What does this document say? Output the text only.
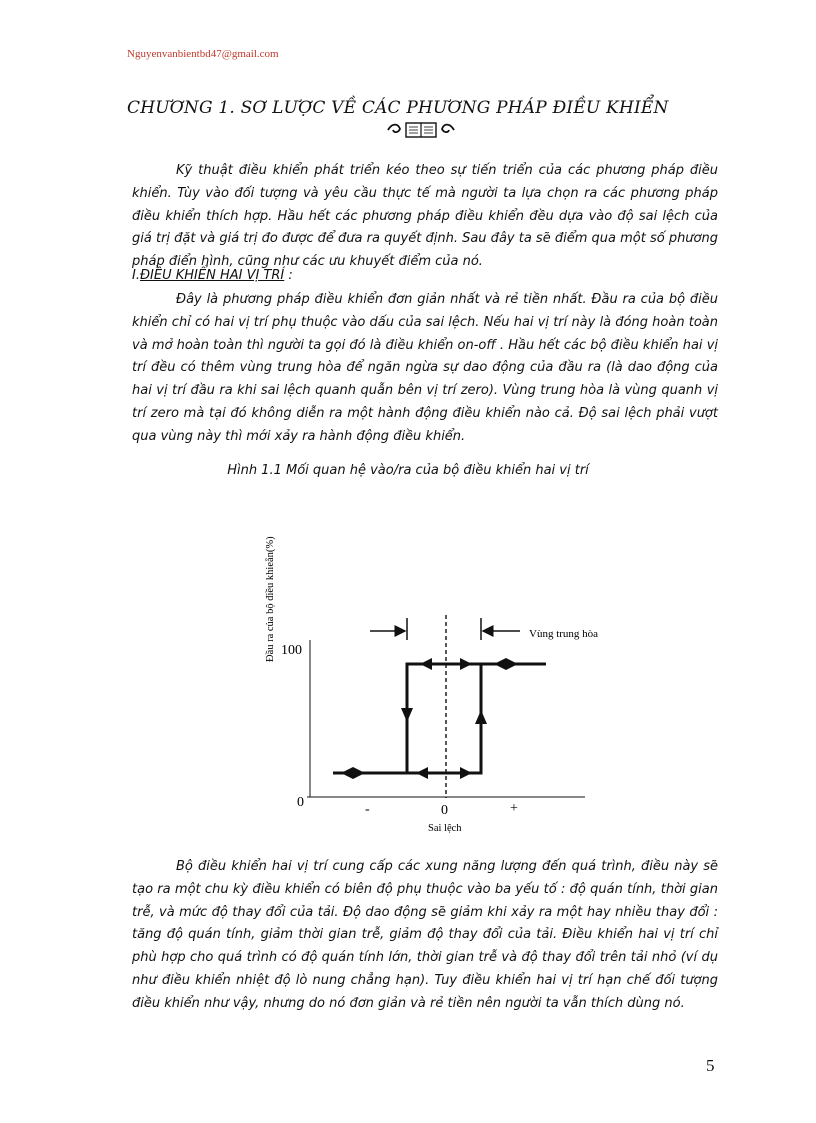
Nguyenvanbientbd47@gmail.com
CHƯƠNG 1. SƠ LƯỢC VỀ CÁC PHƯƠNG PHÁP ĐIỀU KHIỂN
Kỹ thuật điều khiển phát triển kéo theo sự tiến triển của các phương pháp điều khiển. Tùy vào đối tượng và yêu cầu thực tế mà người ta lựa chọn ra các phương pháp điều khiển thích hợp. Hầu hết các phương pháp điều khiển đều dựa vào độ sai lệch của giá trị đặt và giá trị đo được để đưa ra quyết định. Sau đây ta sẽ điểm qua một số phương pháp điển hình, cũng như các ưu khuyết điểm của nó.
I.ĐIỀU KHIỂN HAI VỊ TRÍ :
Đây là phương pháp điều khiển đơn giản nhất và rẻ tiền nhất. Đầu ra của bộ điều khiển chỉ có hai vị trí phụ thuộc vào dấu của sai lệch. Nếu hai vị trí này là đóng hoàn toàn và mở hoàn toàn thì người ta gọi đó là điều khiển on-off . Hầu hết các bộ điều khiển hai vị trí đều có thêm vùng trung hòa để ngăn ngừa sự dao động của đầu ra (là dao động của hai vị trí đầu ra khi sai lệch quanh quẫn bên vị trí zero). Vùng trung hòa là vùng quanh vị trí zero mà tại đó không diễn ra một hành động điều khiển nào cả. Độ sai lệch phải vượt qua vùng này thì mới xảy ra hành động điều khiển.
Hình 1.1 Mối quan hệ vào/ra của bộ điều khiển hai vị trí
Đầu ra của bộ điều khieån(%) 100
0
Vùng trung hòa
-	0	+
Sai lệch
Bộ điều khiển hai vị trí cung cấp các xung năng lượng đến quá trình, điều này sẽ tạo ra một chu kỳ điều khiển có biên độ phụ thuộc vào ba yếu tố : độ quán tính, thời gian trễ, và mức độ thay đổi của tải. Độ dao động sẽ giảm khi xảy ra một hay nhiều thay đổi : tăng độ quán tính, giảm thời gian trễ, giảm độ thay đổi của tải. Điều khiển hai vị trí chỉ phù hợp cho quá trình có độ quán tính lớn, thời gian trễ và độ thay đổi trên tải nhỏ (ví dụ như điều khiển nhiệt độ lò nung chẳng hạn). Tuy điều khiển hai vị trí hạn chế đối tượng điều khiển như vậy, nhưng do nó đơn giản và rẻ tiền nên người ta vẫn thích dùng nó.
5
